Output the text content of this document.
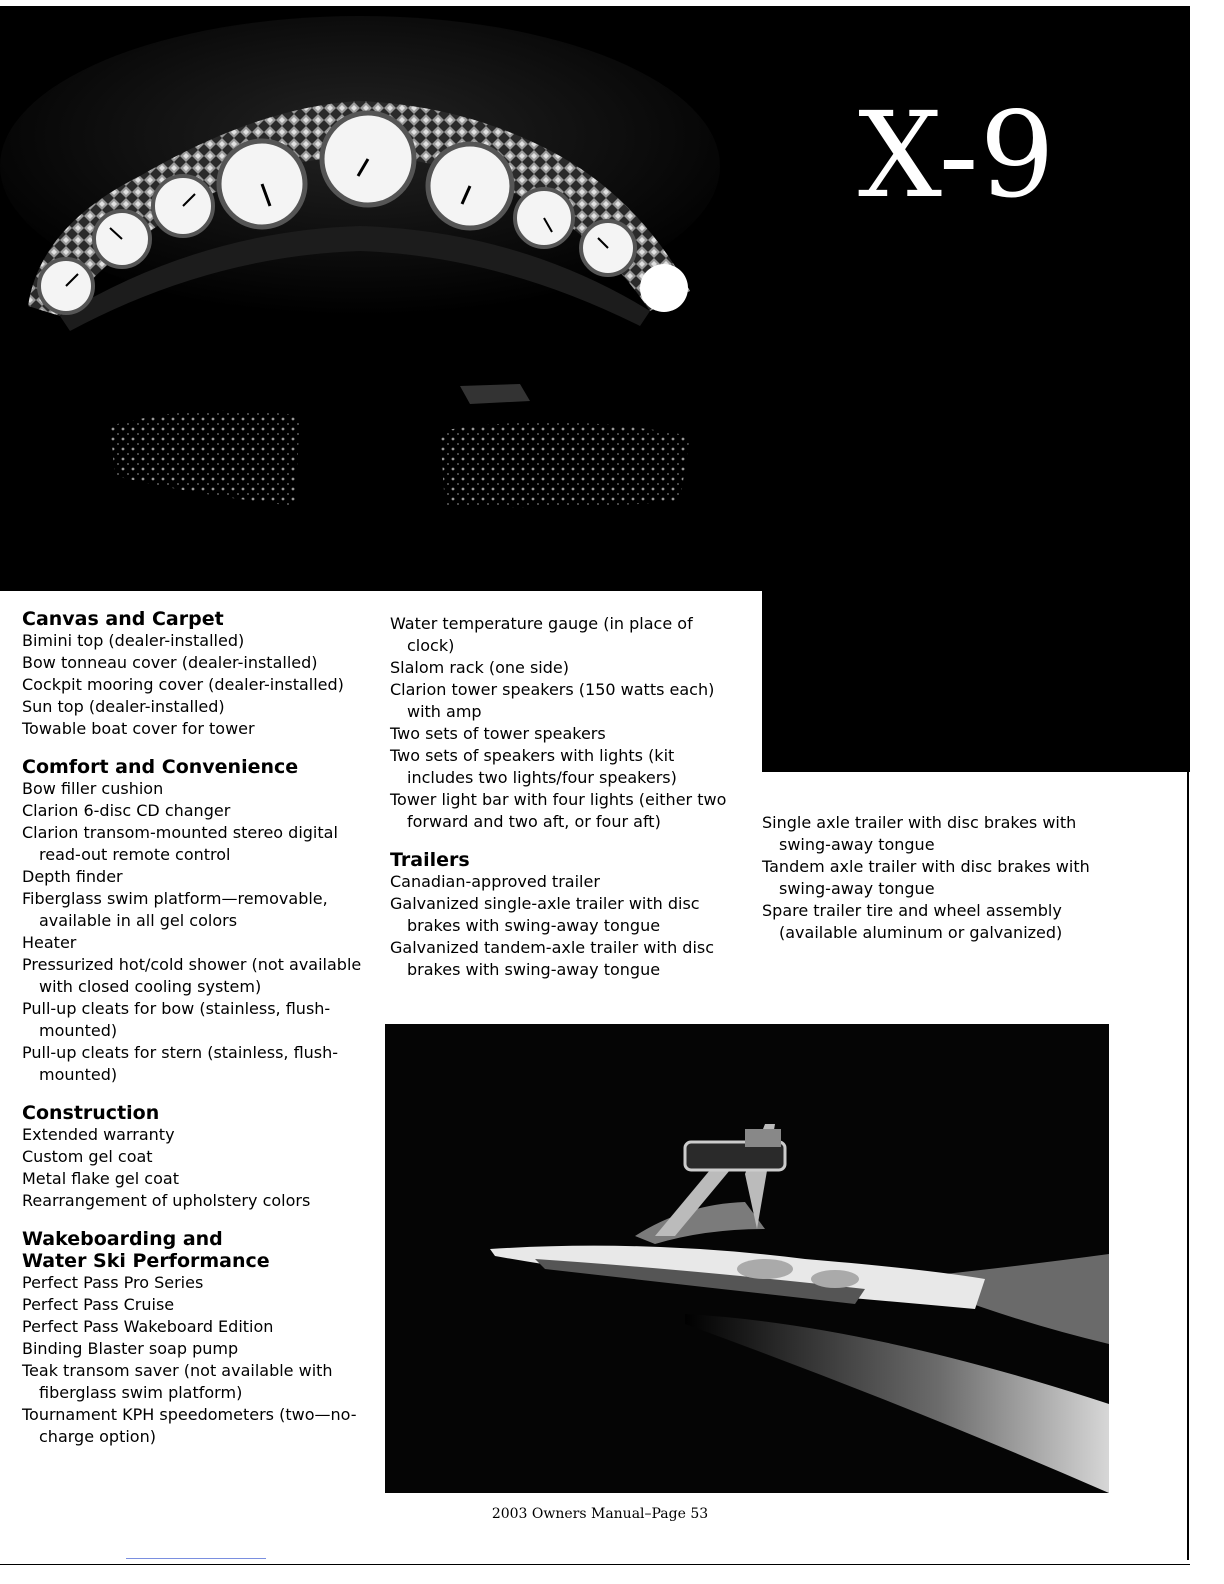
X-9
Canvas and Carpet
Bimini top (dealer-installed)
Bow tonneau cover (dealer-installed)
Cockpit mooring cover (dealer-installed)
Sun top (dealer-installed)
Towable boat cover for tower
Comfort and Convenience
Bow filler cushion
Clarion 6-disc CD changer
Clarion transom-mounted stereo digital read-out remote control
Depth finder
Fiberglass swim platform—removable, available in all gel colors
Heater
Pressurized hot/cold shower (not available with closed cooling system)
Pull-up cleats for bow (stainless, flush-mounted)
Pull-up cleats for stern (stainless, flush-mounted)
Construction
Extended warranty
Custom gel coat
Metal flake gel coat
Rearrangement of upholstery colors
Wakeboarding and
Water Ski Performance
Perfect Pass Pro Series
Perfect Pass Cruise
Perfect Pass Wakeboard Edition
Binding Blaster soap pump
Teak transom saver (not available with fiberglass swim platform)
Tournament KPH speedometers (two—no-charge option)
Water temperature gauge (in place of clock)
Slalom rack (one side)
Clarion tower speakers (150 watts each) with amp
Two sets of tower speakers
Two sets of speakers with lights (kit includes two lights/four speakers)
Tower light bar with four lights (either two forward and two aft, or four aft)
Trailers
Canadian-approved trailer
Galvanized single-axle trailer with disc brakes with swing-away tongue
Galvanized tandem-axle trailer with disc brakes with swing-away tongue
Single axle trailer with disc brakes with swing-away tongue
Tandem axle trailer with disc brakes with swing-away tongue
Spare trailer tire and wheel assembly (available aluminum or galvanized)
2003 Owners Manual–Page 53
